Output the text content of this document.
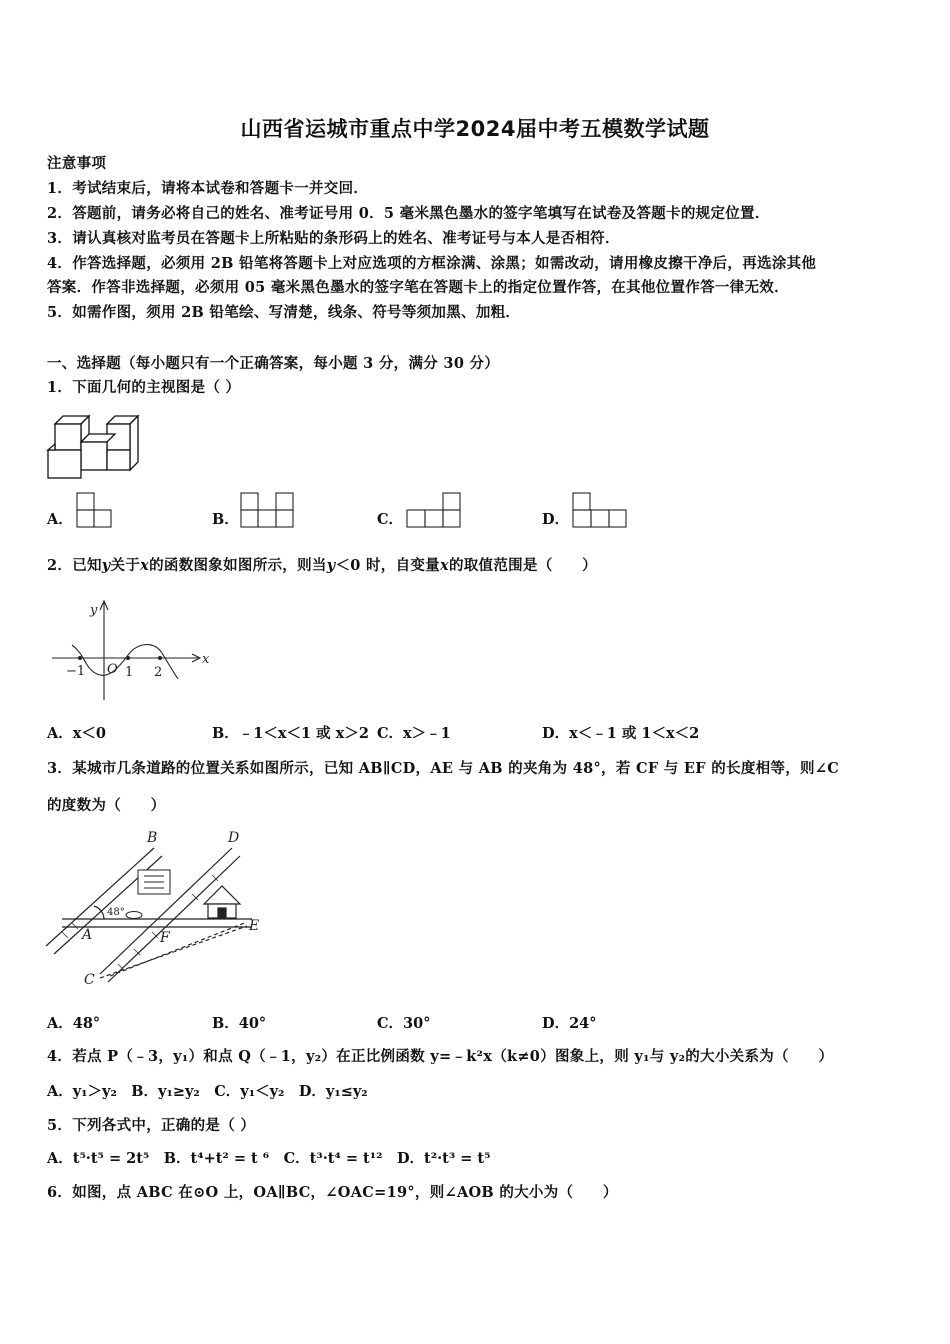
山西省运城市重点中学2024届中考五模数学试题
注意事项
1．考试结束后，请将本试卷和答题卡一并交回．
2．答题前，请务必将自己的姓名、准考证号用 0．5 毫米黑色墨水的签字笔填写在试卷及答题卡的规定位置．
3．请认真核对监考员在答题卡上所粘贴的条形码上的姓名、准考证号与本人是否相符．
4．作答选择题，必须用 2B 铅笔将答题卡上对应选项的方框涂满、涂黑；如需改动，请用橡皮擦干净后，再选涂其他
答案．作答非选择题，必须用 05 毫米黑色墨水的签字笔在答题卡上的指定位置作答，在其他位置作答一律无效．
5．如需作图，须用 2B 铅笔绘、写清楚，线条、符号等须加黑、加粗．
一、选择题（每小题只有一个正确答案，每小题 3 分，满分 30 分）
1．下面几何的主视图是（ ）
A．	B．	C．	D．
2．已知y关于x的函数图象如图所示，则当y＜0 时，自变量x的取值范围是（　　）
y
x
O
−1	1 2
A．x＜0	B．﹣1＜x＜1 或 x＞2 C．x＞﹣1	D．x＜﹣1 或 1＜x＜2
3．某城市几条道路的位置关系如图所示，已知 AB∥CD，AE 与 AB 的夹角为 48°，若 CF 与 EF 的长度相等，则∠C
的度数为（　　）
B	D
A	F
E
C
48°
A．48°	B．40°	C．30°	D．24°
4．若点 P（﹣3，y₁）和点 Q（﹣1，y₂）在正比例函数 y=﹣k²x（k≠0）图象上，则 y₁与 y₂的大小关系为（　　）
A．y₁＞y₂　B．y₁≥y₂　C．y₁＜y₂　D．y₁≤y₂
5．下列各式中，正确的是（ ）
A．t⁵·t⁵ = 2t⁵　B．t⁴+t² = t ⁶　C．t³·t⁴ = t¹²　D．t²·t³ = t⁵
6．如图，点 ABC 在⊙O 上，OA∥BC，∠OAC=19°，则∠AOB 的大小为（　　）
